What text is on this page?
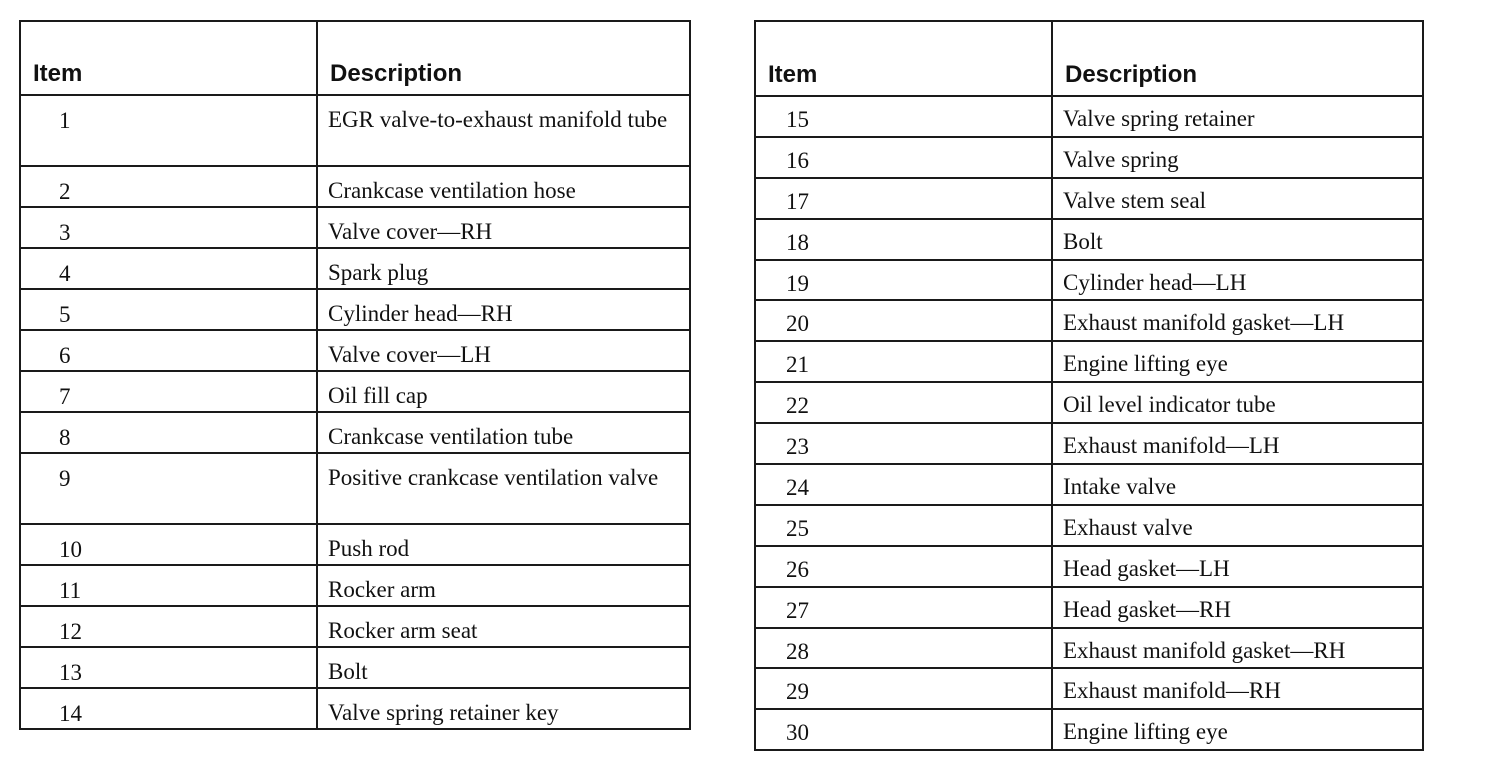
Item	Description
1	EGR valve-to-exhaust manifold tube
2	Crankcase ventilation hose
3	Valve cover—RH
4	Spark plug
5	Cylinder head—RH
6	Valve cover—LH
7	Oil fill cap
8	Crankcase ventilation tube
9	Positive crankcase ventilation valve
10	Push rod
11	Rocker arm
12	Rocker arm seat
13	Bolt
14	Valve spring retainer key
Item	Description
15	Valve spring retainer
16	Valve spring
17	Valve stem seal
18	Bolt
19	Cylinder head—LH
20	Exhaust manifold gasket—LH
21	Engine lifting eye
22	Oil level indicator tube
23	Exhaust manifold—LH
24	Intake valve
25	Exhaust valve
26	Head gasket—LH
27	Head gasket—RH
28	Exhaust manifold gasket—RH
29	Exhaust manifold—RH
30	Engine lifting eye
